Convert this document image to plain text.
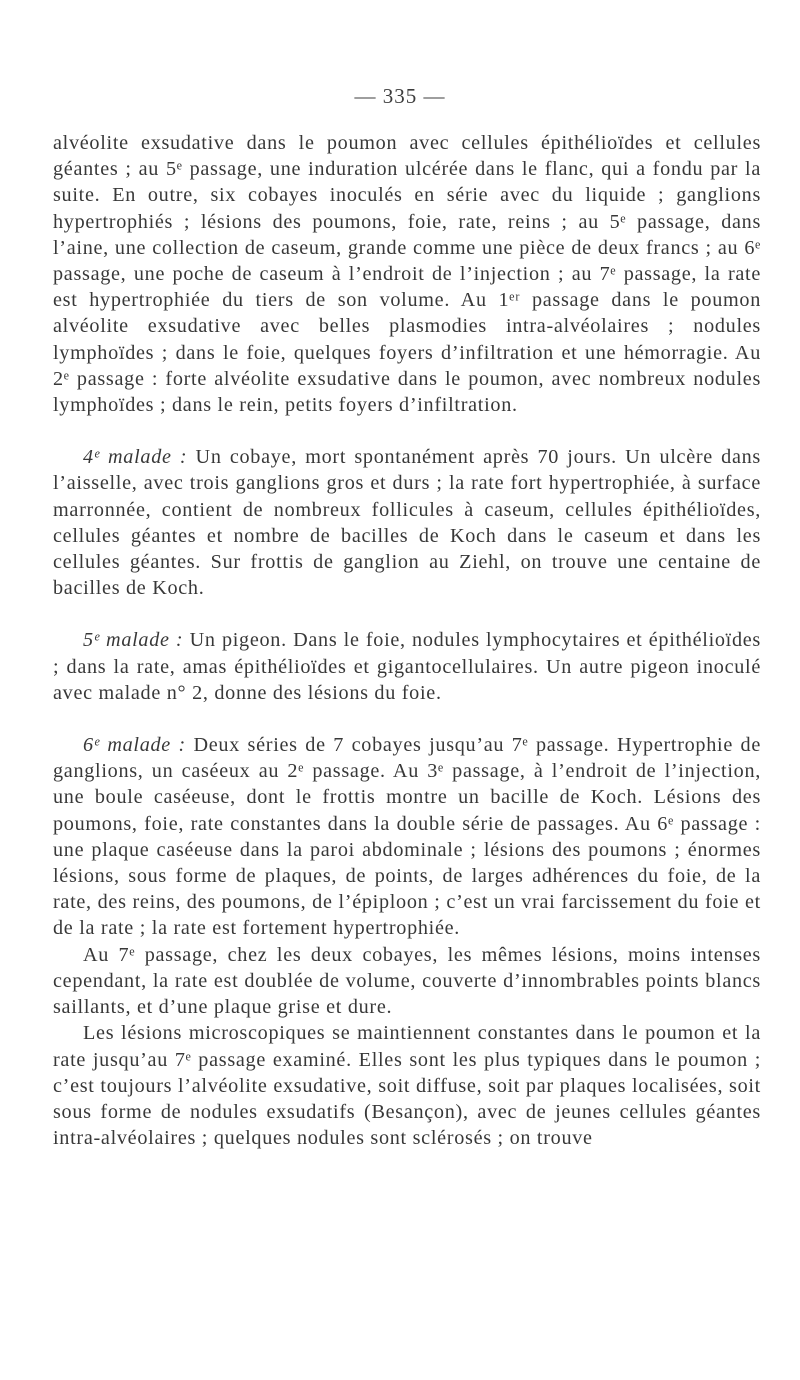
— 335 —

alvéolite exsudative dans le poumon avec cellules épithélioïdes et cellules géantes ; au 5ᵉ passage, une induration ulcérée dans le flanc, qui a fondu par la suite. En outre, six cobayes inoculés en série avec du liquide ; ganglions hypertrophiés ; lésions des poumons, foie, rate, reins ; au 5ᵉ passage, dans l’aine, une collection de caseum, grande comme une pièce de deux francs ; au 6ᵉ passage, une poche de caseum à l’endroit de l’injection ; au 7ᵉ passage, la rate est hypertrophiée du tiers de son volume. Au 1ᵉʳ passage dans le poumon alvéolite exsudative avec belles plasmodies intra-alvéolaires ; nodules lymphoïdes ; dans le foie, quelques foyers d’infiltration et une hémorragie. Au 2ᵉ passage : forte alvéolite exsudative dans le poumon, avec nombreux nodules lymphoïdes ; dans le rein, petits foyers d’infiltration.

4ᵉ malade : Un cobaye, mort spontanément après 70 jours. Un ulcère dans l’aisselle, avec trois ganglions gros et durs ; la rate fort hypertrophiée, à surface marronnée, contient de nombreux follicules à caseum, cellules épithélioïdes, cellules géantes et nombre de bacilles de Koch dans le caseum et dans les cellules géantes. Sur frottis de ganglion au Ziehl, on trouve une centaine de bacilles de Koch.

5ᵉ malade : Un pigeon. Dans le foie, nodules lymphocytaires et épithélioïdes ; dans la rate, amas épithélioïdes et gigantocellulaires. Un autre pigeon inoculé avec malade n° 2, donne des lésions du foie.

6ᵉ malade : Deux séries de 7 cobayes jusqu’au 7ᵉ passage. Hypertrophie de ganglions, un caséeux au 2ᵉ passage. Au 3ᵉ passage, à l’endroit de l’injection, une boule caséeuse, dont le frottis montre un bacille de Koch. Lésions des poumons, foie, rate constantes dans la double série de passages. Au 6ᵉ passage : une plaque caséeuse dans la paroi abdominale ; lésions des poumons ; énormes lésions, sous forme de plaques, de points, de larges adhérences du foie, de la rate, des reins, des poumons, de l’épiploon ; c’est un vrai farcissement du foie et de la rate ; la rate est fortement hypertrophiée.

Au 7ᵉ passage, chez les deux cobayes, les mêmes lésions, moins intenses cependant, la rate est doublée de volume, couverte d’innombrables points blancs saillants, et d’une plaque grise et dure.

Les lésions microscopiques se maintiennent constantes dans le poumon et la rate jusqu’au 7ᵉ passage examiné. Elles sont les plus typiques dans le poumon ; c’est toujours l’alvéolite exsudative, soit diffuse, soit par plaques localisées, soit sous forme de nodules exsudatifs (Besançon), avec de jeunes cellules géantes intra-alvéolaires ; quelques nodules sont sclérosés ; on trouve
